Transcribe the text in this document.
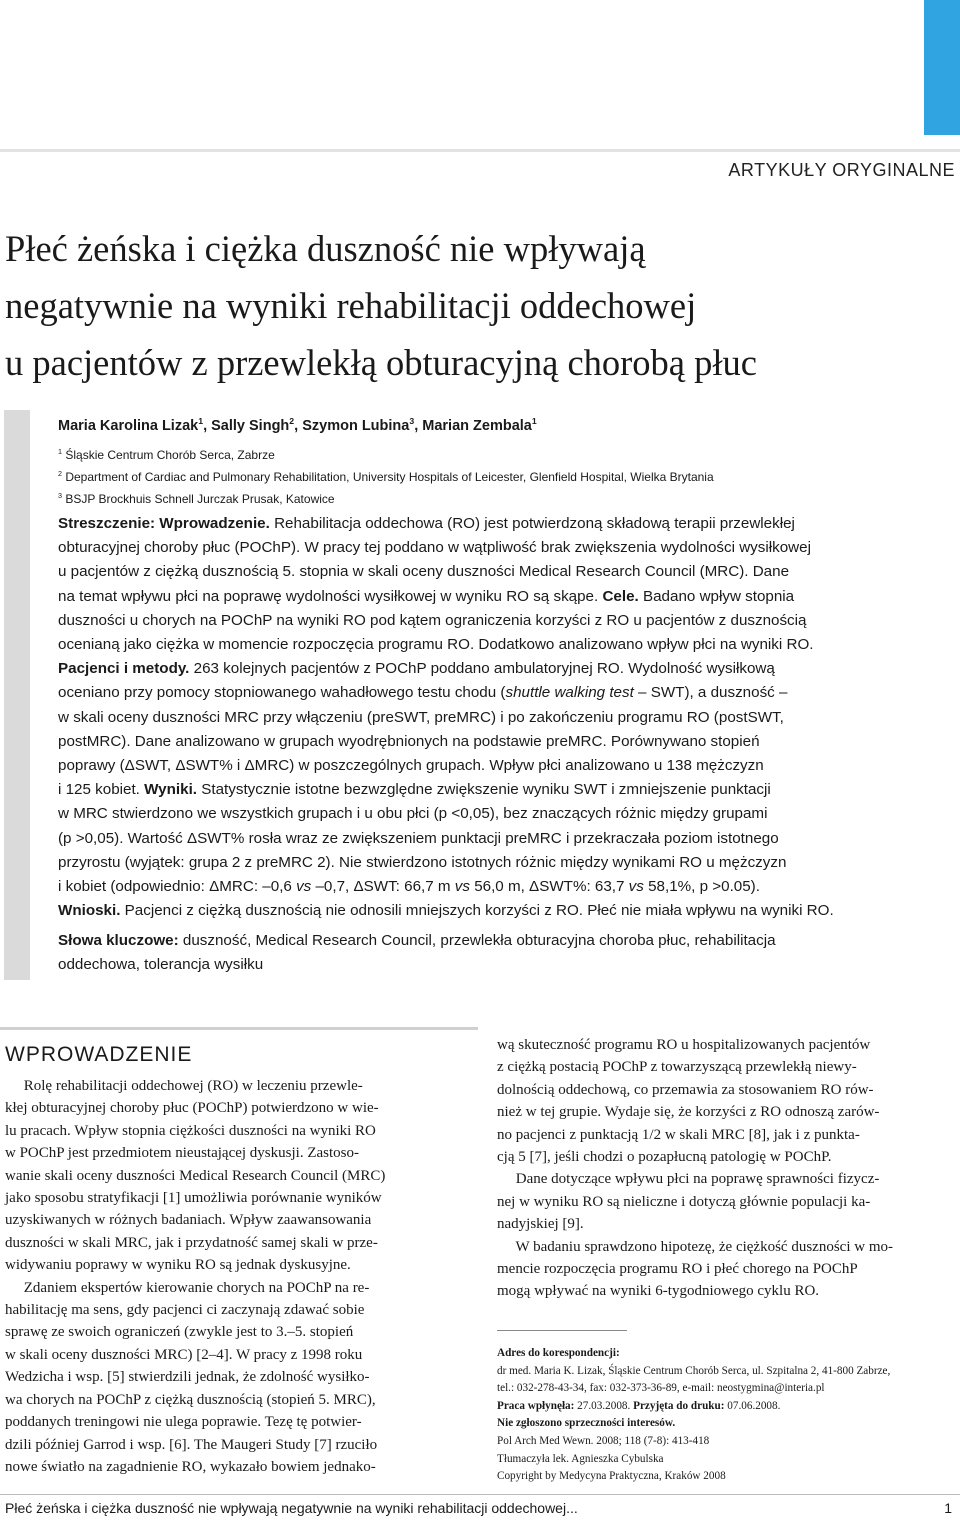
ARTYKUŁY ORYGINALNE
Płeć żeńska i ciężka duszność nie wpływają
negatywnie na wyniki rehabilitacji oddechowej
u pacjentów z przewlekłą obturacyjną chorobą płuc
Maria Karolina Lizak$^1$, Sally Singh$^2$, Szymon Lubina$^3$, Marian Zembala$^1$
$^1$ Śląskie Centrum Chorób Serca, Zabrze
$^2$ Department of Cardiac and Pulmonary Rehabilitation, University Hospitals of Leicester, Glenfield Hospital, Wielka Brytania
$^3$ BSJP Brockhuis Schnell Jurczak Prusak, Katowice
Streszczenie: Wprowadzenie. Rehabilitacja oddechowa (RO) jest potwierdzoną składową terapii przewlekłej
obturacyjnej choroby płuc (POChP). W pracy tej poddano w wątpliwość brak zwiększenia wydolności wysiłkowej
u pacjentów z ciężką dusznością 5. stopnia w skali oceny duszności Medical Research Council (MRC). Dane
na temat wpływu płci na poprawę wydolności wysiłkowej w wyniku RO są skąpe. Cele. Badano wpływ stopnia
duszności u chorych na POChP na wyniki RO pod kątem ograniczenia korzyści z RO u pacjentów z dusznością
ocenianą jako ciężka w momencie rozpoczęcia programu RO. Dodatkowo analizowano wpływ płci na wyniki RO.
Pacjenci i metody. 263 kolejnych pacjentów z POChP poddano ambulatoryjnej RO. Wydolność wysiłkową
oceniano przy pomocy stopniowanego wahadłowego testu chodu (shuttle walking test – SWT), a duszność –
w skali oceny duszności MRC przy włączeniu (preSWT, preMRC) i po zakończeniu programu RO (postSWT,
postMRC). Dane analizowano w grupach wyodrębnionych na podstawie preMRC. Porównywano stopień
poprawy (ΔSWT, ΔSWT% i ΔMRC) w poszczególnych grupach. Wpływ płci analizowano u 138 mężczyzn
i 125 kobiet. Wyniki. Statystycznie istotne bezwzględne zwiększenie wyniku SWT i zmniejszenie punktacji
w MRC stwierdzono we wszystkich grupach i u obu płci (p <0,05), bez znaczących różnic między grupami
(p >0,05). Wartość ΔSWT% rosła wraz ze zwiększeniem punktacji preMRC i przekraczała poziom istotnego
przyrostu (wyjątek: grupa 2 z preMRC 2). Nie stwierdzono istotnych różnic między wynikami RO u mężczyzn
i kobiet (odpowiednio: ΔMRC: –0,6 vs –0,7, ΔSWT: 66,7 m vs 56,0 m, ΔSWT%: 63,7 vs 58,1%, p >0.05).
Wnioski. Pacjenci z ciężką dusznością nie odnosili mniejszych korzyści z RO. Płeć nie miała wpływu na wyniki RO.
Słowa kluczowe: duszność, Medical Research Council, przewlekła obturacyjna choroba płuc, rehabilitacja
oddechowa, tolerancja wysiłku
WPROWADZENIE
Rolę rehabilitacji oddechowej (RO) w leczeniu przewle-
kłej obturacyjnej choroby płuc (POChP) potwierdzono w wie-
lu pracach. Wpływ stopnia ciężkości duszności na wyniki RO
w POChP jest przedmiotem nieustającej dyskusji. Zastoso-
wanie skali oceny duszności Medical Research Council (MRC)
jako sposobu stratyfikacji [1] umożliwia porównanie wyników
uzyskiwanych w różnych badaniach. Wpływ zaawansowania
duszności w skali MRC, jak i przydatność samej skali w prze-
widywaniu poprawy w wyniku RO są jednak dyskusyjne.
Zdaniem ekspertów kierowanie chorych na POChP na re-
habilitację ma sens, gdy pacjenci ci zaczynają zdawać sobie
sprawę ze swoich ograniczeń (zwykle jest to 3.–5. stopień
w skali oceny duszności MRC) [2–4]. W pracy z 1998 roku
Wedzicha i wsp. [5] stwierdzili jednak, że zdolność wysiłko-
wa chorych na POChP z ciężką dusznością (stopień 5. MRC),
poddanych treningowi nie ulega poprawie. Tezę tę potwier-
dzili później Garrod i wsp. [6]. The Maugeri Study [7] rzuciło
nowe światło na zagadnienie RO, wykazało bowiem jednako-
wą skuteczność programu RO u hospitalizowanych pacjentów
z ciężką postacią POChP z towarzyszącą przewlekłą niewy-
dolnością oddechową, co przemawia za stosowaniem RO rów-
nież w tej grupie. Wydaje się, że korzyści z RO odnoszą zarów-
no pacjenci z punktacją 1/2 w skali MRC [8], jak i z punkta-
cją 5 [7], jeśli chodzi o pozapłucną patologię w POChP.
Dane dotyczące wpływu płci na poprawę sprawności fizycz-
nej w wyniku RO są nieliczne i dotyczą głównie populacji ka-
nadyjskiej [9].
W badaniu sprawdzono hipotezę, że ciężkość duszności w mo-
mencie rozpoczęcia programu RO i płeć chorego na POChP
mogą wpływać na wyniki 6-tygodniowego cyklu RO.
Adres do korespondencji:
dr med. Maria K. Lizak, Śląskie Centrum Chorób Serca, ul. Szpitalna 2, 41-800 Zabrze,
tel.: 032-278-43-34, fax: 032-373-36-89, e-mail: neostygmina@interia.pl
Praca wpłynęła: 27.03.2008. Przyjęta do druku: 07.06.2008.
Nie zgłoszono sprzeczności interesów.
Pol Arch Med Wewn. 2008; 118 (7-8): 413-418
Tłumaczyła lek. Agnieszka Cybulska
Copyright by Medycyna Praktyczna, Kraków 2008
Płeć żeńska i ciężka duszność nie wpływają negatywnie na wyniki rehabilitacji oddechowej...	1
